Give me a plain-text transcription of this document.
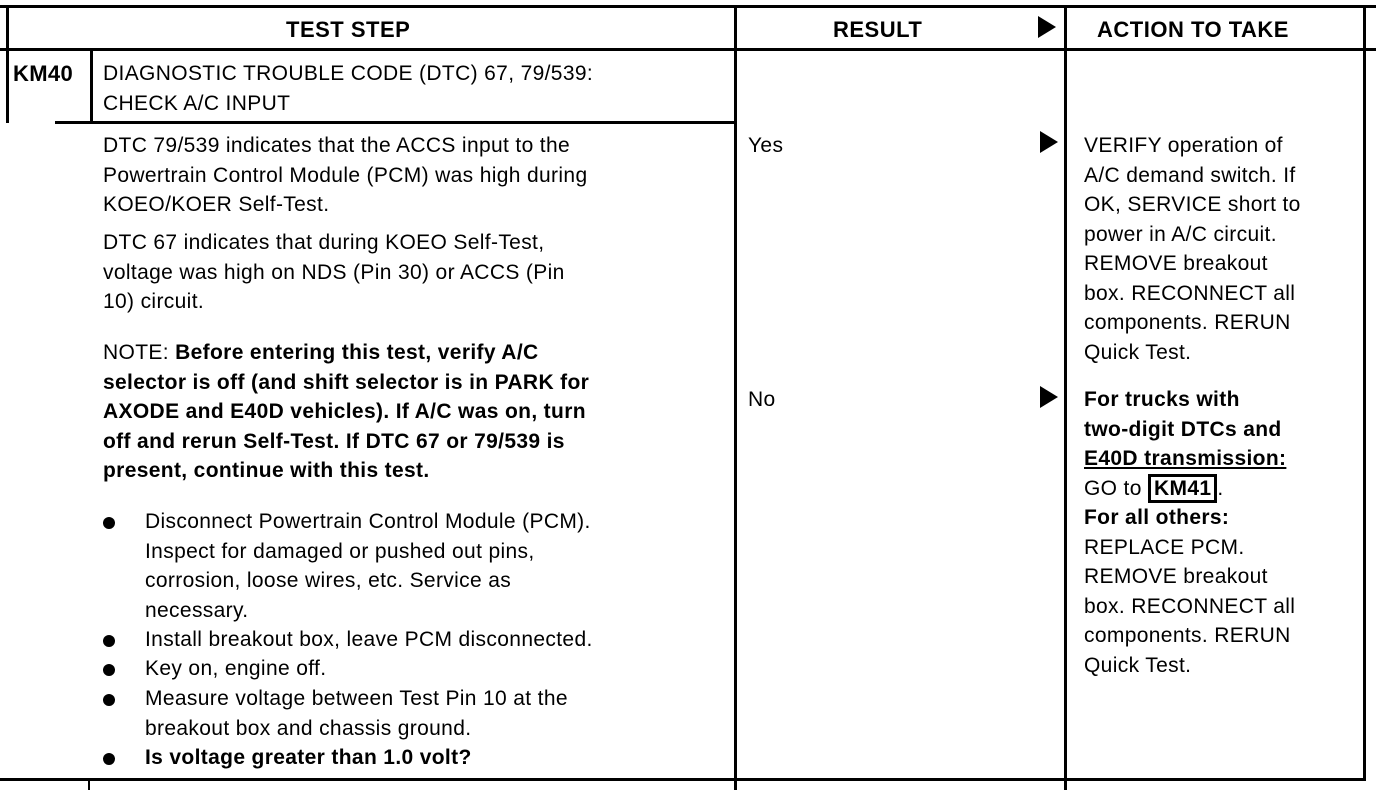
TEST STEP	RESULT	ACTION TO TAKE
KM40 DIAGNOSTIC TROUBLE CODE (DTC) 67, 79/539:
CHECK A/C INPUT
DTC 79/539 indicates that the ACCS input to the
Powertrain Control Module (PCM) was high during
KOEO/KOER Self-Test.
DTC 67 indicates that during KOEO Self-Test,
voltage was high on NDS (Pin 30) or ACCS (Pin
10) circuit.
NOTE: Before entering this test, verify A/C
selector is off (and shift selector is in PARK for
AXODE and E40D vehicles). If A/C was on, turn
off and rerun Self-Test. If DTC 67 or 79/539 is
present, continue with this test.
Disconnect Powertrain Control Module (PCM).
Inspect for damaged or pushed out pins,
corrosion, loose wires, etc. Service as
necessary.
Install breakout box, leave PCM disconnected.
Key on, engine off.
Measure voltage between Test Pin 10 at the
breakout box and chassis ground.
Is voltage greater than 1.0 volt?
Yes
No
VERIFY operation of
A/C demand switch. If
OK, SERVICE short to
power in A/C circuit.
REMOVE breakout
box. RECONNECT all
components. RERUN
Quick Test.
For trucks with
two-digit DTCs and
E40D transmission:
GO to KM41 .
For all others:
REPLACE PCM.
REMOVE breakout
box. RECONNECT all
components. RERUN
Quick Test.
